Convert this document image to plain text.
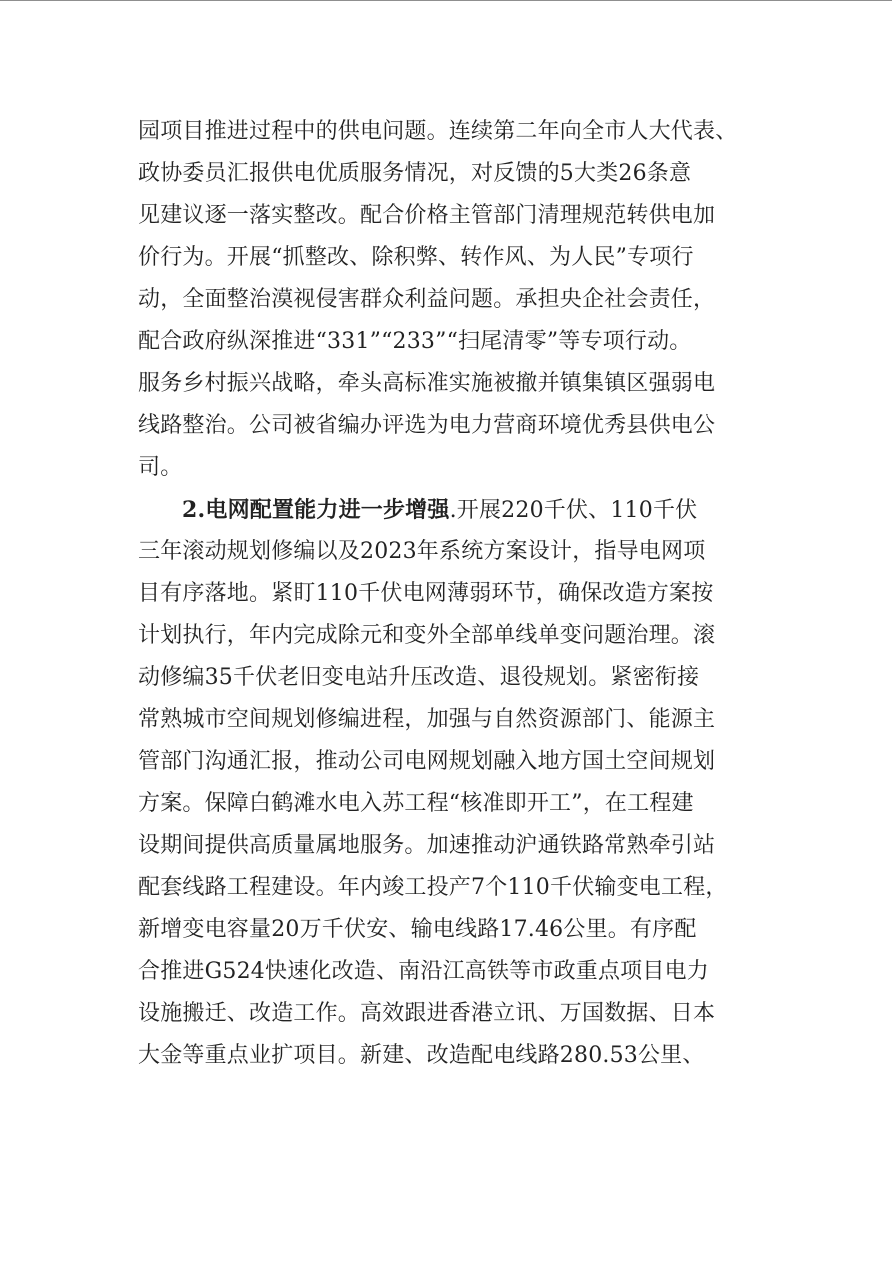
园项目推进过程中的供电问题。连续第二年向全市人大代表、
政协委员汇报供电优质服务情况，对反馈的5大类26条意
见建议逐一落实整改。配合价格主管部门清理规范转供电加
价行为。开展“抓整改、除积弊、转作风、为人民”专项行
动，全面整治漠视侵害群众利益问题。承担央企社会责任，
配合政府纵深推进“331”“233”“扫尾清零”等专项行动。
服务乡村振兴战略，牵头高标准实施被撤并镇集镇区强弱电
线路整治。公司被省编办评选为电力营商环境优秀县供电公
司。
2.电网配置能力进一步增强.开展220千伏、110千伏
三年滚动规划修编以及2023年系统方案设计，指导电网项
目有序落地。紧盯110千伏电网薄弱环节，确保改造方案按
计划执行，年内完成除元和变外全部单线单变问题治理。滚
动修编35千伏老旧变电站升压改造、退役规划。紧密衔接
常熟城市空间规划修编进程，加强与自然资源部门、能源主
管部门沟通汇报，推动公司电网规划融入地方国土空间规划
方案。保障白鹤滩水电入苏工程“核准即开工”，在工程建
设期间提供高质量属地服务。加速推动沪通铁路常熟牵引站
配套线路工程建设。年内竣工投产7个110千伏输变电工程，
新增变电容量20万千伏安、输电线路17.46公里。有序配
合推进G524快速化改造、南沿江高铁等市政重点项目电力
设施搬迁、改造工作。高效跟进香港立讯、万国数据、日本
大金等重点业扩项目。新建、改造配电线路280.53公里、
